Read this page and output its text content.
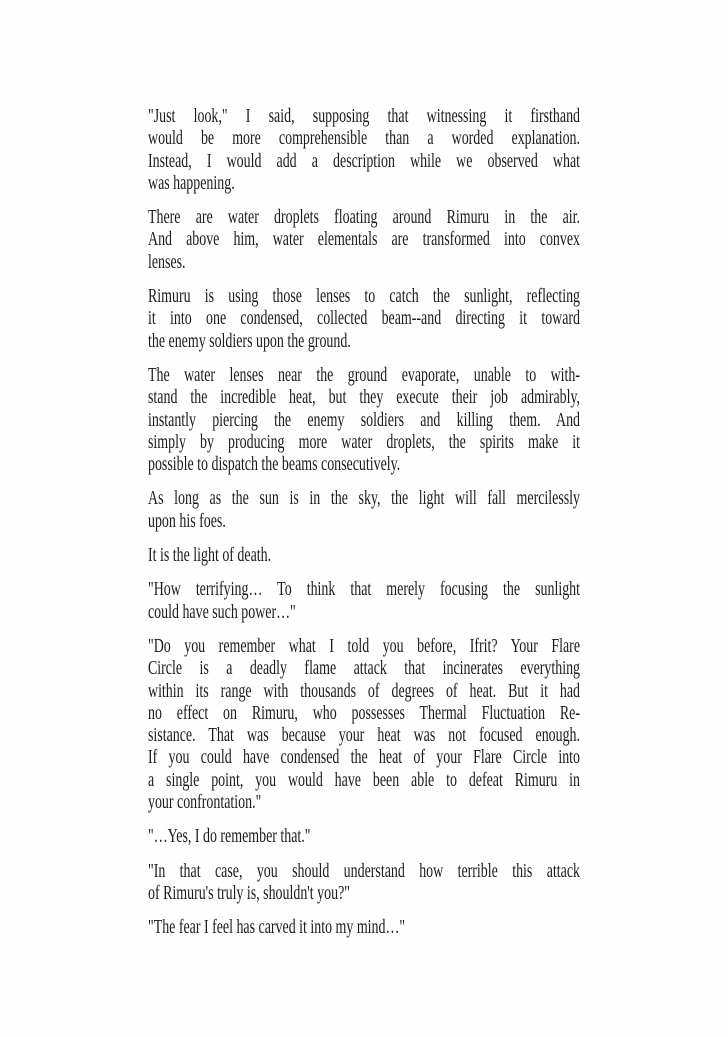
"Just look," I said, supposing that witnessing it firsthand
would be more comprehensible than a worded explanation.
Instead, I would add a description while we observed what
was happening.
There are water droplets floating around Rimuru in the air.
And above him, water elementals are transformed into convex
lenses.
Rimuru is using those lenses to catch the sunlight, reflecting
it into one condensed, collected beam--and directing it toward
the enemy soldiers upon the ground.
The water lenses near the ground evaporate, unable to with-
stand the incredible heat, but they execute their job admirably,
instantly piercing the enemy soldiers and killing them. And
simply by producing more water droplets, the spirits make it
possible to dispatch the beams consecutively.
As long as the sun is in the sky, the light will fall mercilessly
upon his foes.
It is the light of death.
"How terrifying… To think that merely focusing the sunlight
could have such power…"
"Do you remember what I told you before, Ifrit? Your Flare
Circle is a deadly flame attack that incinerates everything
within its range with thousands of degrees of heat. But it had
no effect on Rimuru, who possesses Thermal Fluctuation Re-
sistance. That was because your heat was not focused enough.
If you could have condensed the heat of your Flare Circle into
a single point, you would have been able to defeat Rimuru in
your confrontation."
"…Yes, I do remember that."
"In that case, you should understand how terrible this attack
of Rimuru's truly is, shouldn't you?"
"The fear I feel has carved it into my mind…"
